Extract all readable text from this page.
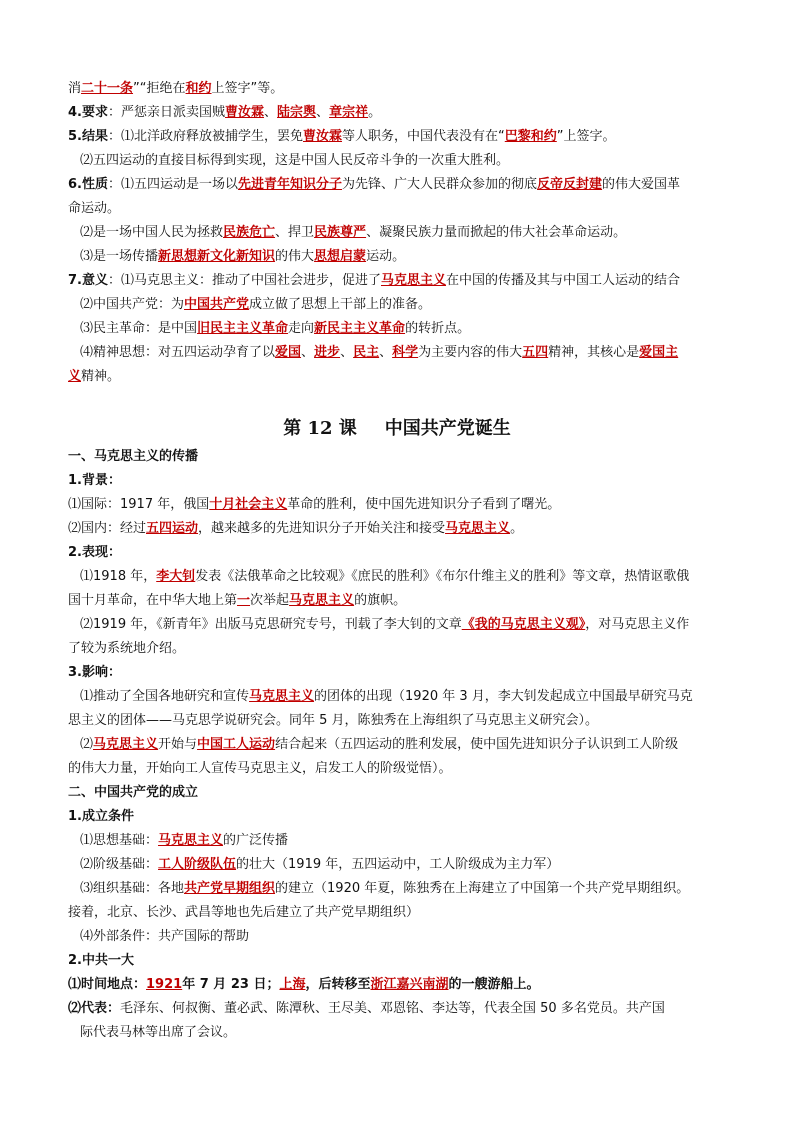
消二十一条”“拒绝在和约上签字”等。
4.要求：严惩亲日派卖国贼曹汝霖、陆宗舆、章宗祥。
5.结果：⑴北洋政府释放被捕学生，罢免曹汝霖等人职务，中国代表没有在“巴黎和约”上签字。
⑵五四运动的直接目标得到实现，这是中国人民反帝斗争的一次重大胜利。
6.性质：⑴五四运动是一场以先进青年知识分子为先锋、广大人民群众参加的彻底反帝反封建的伟大爱国革
命运动。
⑵是一场中国人民为拯救民族危亡、捍卫民族尊严、凝聚民族力量而掀起的伟大社会革命运动。
⑶是一场传播新思想新文化新知识的伟大思想启蒙运动。
7.意义：⑴马克思主义：推动了中国社会进步，促进了马克思主义在中国的传播及其与中国工人运动的结合
⑵中国共产党：为中国共产党成立做了思想上干部上的准备。
⑶民主革命：是中国旧民主主义革命走向新民主主义革命的转折点。
⑷精神思想：对五四运动孕育了以爱国、进步、民主、科学为主要内容的伟大五四精神，其核心是爱国主
义精神。
第 12 课 中国共产党诞生
一、马克思主义的传播
1.背景：
⑴国际：1917 年，俄国十月社会主义革命的胜利，使中国先进知识分子看到了曙光。
⑵国内：经过五四运动，越来越多的先进知识分子开始关注和接受马克思主义。
2.表现：
⑴1918 年，李大钊发表《法俄革命之比较观》《庶民的胜利》《布尔什维主义的胜利》等文章，热情讴歌俄
国十月革命，在中华大地上第一次举起马克思主义的旗帜。
⑵1919 年，《新青年》出版马克思研究专号，刊载了李大钊的文章《我的马克思主义观》，对马克思主义作
了较为系统地介绍。
3.影响：
⑴推动了全国各地研究和宣传马克思主义的团体的出现（1920 年 3 月，李大钊发起成立中国最早研究马克
思主义的团体——马克思学说研究会。同年 5 月，陈独秀在上海组织了马克思主义研究会）。
⑵马克思主义开始与中国工人运动结合起来（五四运动的胜利发展，使中国先进知识分子认识到工人阶级
的伟大力量，开始向工人宣传马克思主义，启发工人的阶级觉悟）。
二、中国共产党的成立
1.成立条件
⑴思想基础：马克思主义的广泛传播
⑵阶级基础：工人阶级队伍的壮大（1919 年，五四运动中，工人阶级成为主力军）
⑶组织基础：各地共产党早期组织的建立（1920 年夏，陈独秀在上海建立了中国第一个共产党早期组织。
接着，北京、长沙、武昌等地也先后建立了共产党早期组织）
⑷外部条件：共产国际的帮助
2.中共一大
⑴时间地点：1921年 7 月 23 日；上海，后转移至浙江嘉兴南湖的一艘游船上。
⑵代表：毛泽东、何叔衡、董必武、陈潭秋、王尽美、邓恩铭、李达等，代表全国 50 多名党员。共产国
际代表马林等出席了会议。
